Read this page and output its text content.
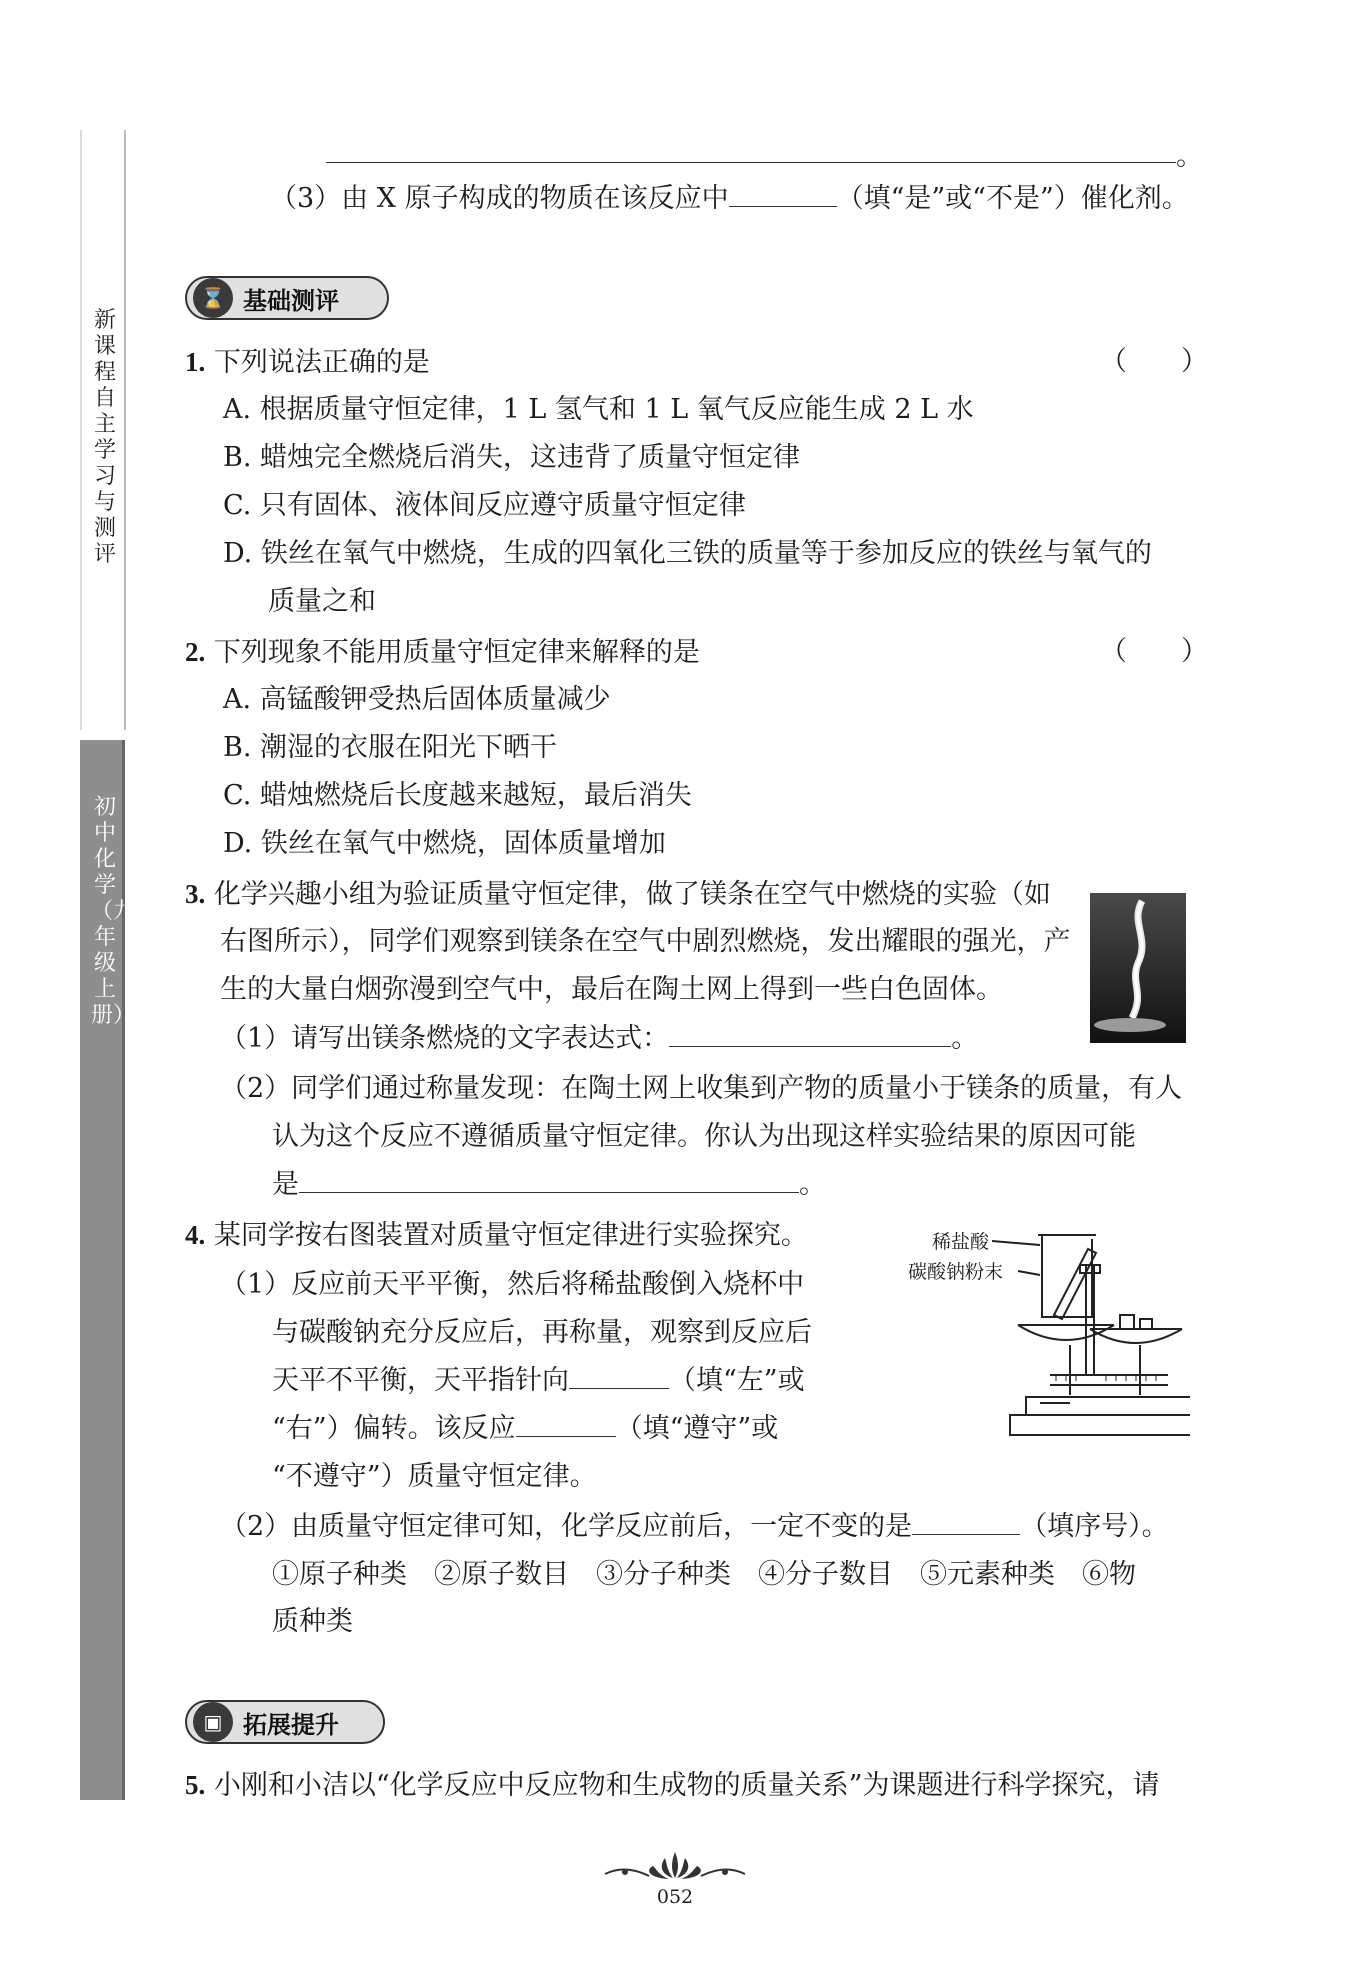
新课程自主学习与测评
初中化学（九年级上册）
。
（3）由 X 原子构成的物质在该反应中	（填“是”或“不是”）催化剂。
⌛ 基础测评
1. 下列说法正确的是	（　　）
A. 根据质量守恒定律，1 L 氢气和 1 L 氧气反应能生成 2 L 水
B. 蜡烛完全燃烧后消失，这违背了质量守恒定律
C. 只有固体、液体间反应遵守质量守恒定律
D. 铁丝在氧气中燃烧，生成的四氧化三铁的质量等于参加反应的铁丝与氧气的
质量之和
2. 下列现象不能用质量守恒定律来解释的是	（　　）
A. 高锰酸钾受热后固体质量减少
B. 潮湿的衣服在阳光下晒干
C. 蜡烛燃烧后长度越来越短，最后消失
D. 铁丝在氧气中燃烧，固体质量增加
3. 化学兴趣小组为验证质量守恒定律，做了镁条在空气中燃烧的实验（如
右图所示），同学们观察到镁条在空气中剧烈燃烧，发出耀眼的强光，产
生的大量白烟弥漫到空气中，最后在陶土网上得到一些白色固体。
（1）请写出镁条燃烧的文字表达式：	。
（2）同学们通过称量发现：在陶土网上收集到产物的质量小于镁条的质量，有人
认为这个反应不遵循质量守恒定律。你认为出现这样实验结果的原因可能
是	。
4. 某同学按右图装置对质量守恒定律进行实验探究。
（1）反应前天平平衡，然后将稀盐酸倒入烧杯中
与碳酸钠充分反应后，再称量，观察到反应后
天平不平衡，天平指针向	（填“左”或
“右”）偏转。该反应	（填“遵守”或
“不遵守”）质量守恒定律。
稀盐酸
碳酸钠粉末
（2）由质量守恒定律可知，化学反应前后，一定不变的是	（填序号）。
①原子种类　②原子数目　③分子种类　④分子数目　⑤元素种类　⑥物
质种类
▣ 拓展提升
5. 小刚和小洁以“化学反应中反应物和生成物的质量关系”为课题进行科学探究，请
052
